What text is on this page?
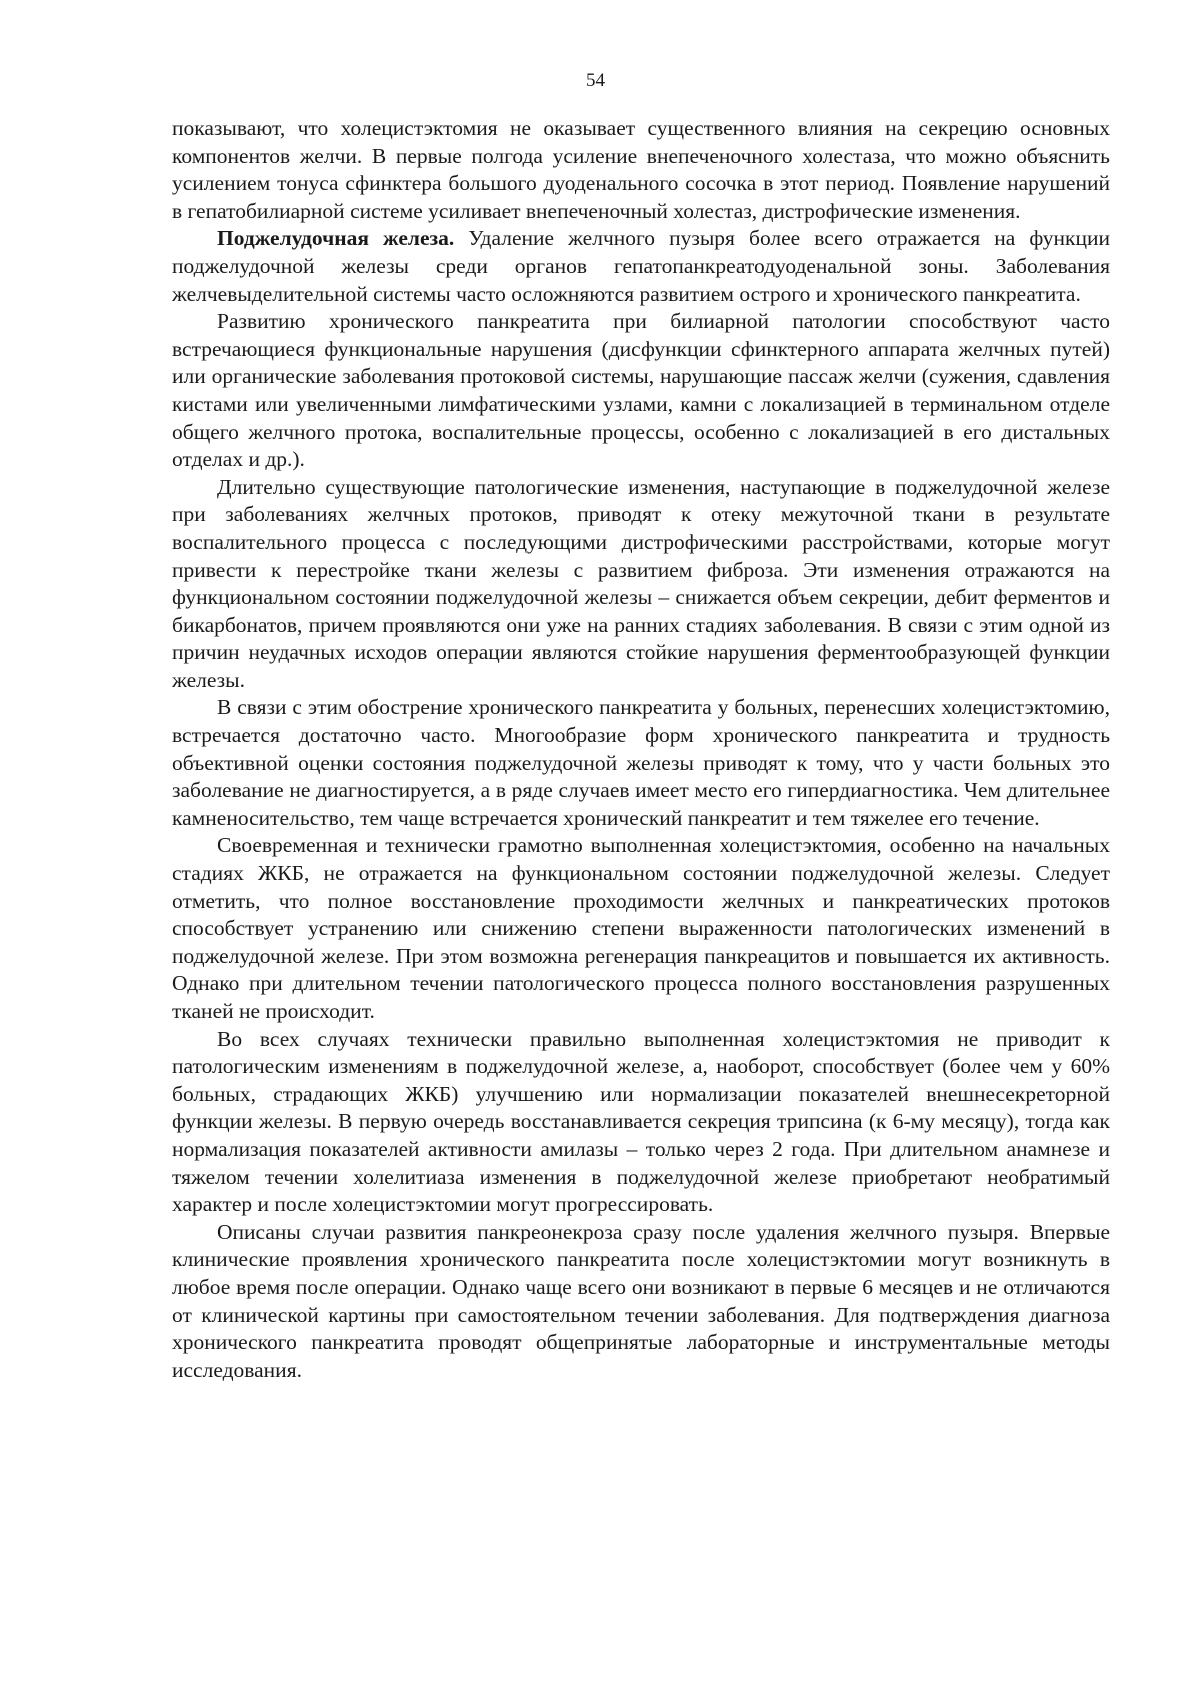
54

показывают, что холецистэктомия не оказывает существенного влияния на секрецию основных компонентов желчи. В первые полгода усиление внепеченочного холестаза, что можно объяснить усилением тонуса сфинктера большого дуоденального сосочка в этот период. Появление нарушений в гепатобилиарной системе усиливает внепеченочный холестаз, дистрофические изменения.

Поджелудочная железа. Удаление желчного пузыря более всего отражается на функции поджелудочной железы среди органов гепатопанкреатодуоденальной зоны. Заболевания желчевыделительной системы часто осложняются развитием острого и хронического панкреатита.

Развитию хронического панкреатита при билиарной патологии способствуют часто встречающиеся функциональные нарушения (дисфункции сфинктерного аппарата желчных путей) или органические заболевания протоковой системы, нарушающие пассаж желчи (сужения, сдавления кистами или увеличенными лимфатическими узлами, камни с локализацией в терминальном отделе общего желчного протока, воспалительные процессы, особенно с локализацией в его дистальных отделах и др.).

Длительно существующие патологические изменения, наступающие в поджелудочной железе при заболеваниях желчных протоков, приводят к отеку межуточной ткани в результате воспалительного процесса с последующими дистрофическими расстройствами, которые могут привести к перестройке ткани железы с развитием фиброза. Эти изменения отражаются на функциональном состоянии поджелудочной железы – снижается объем секреции, дебит ферментов и бикарбонатов, причем проявляются они уже на ранних стадиях заболевания. В связи с этим одной из причин неудачных исходов операции являются стойкие нарушения ферментообразующей функции железы.

В связи с этим обострение хронического панкреатита у больных, перенесших холецистэктомию, встречается достаточно часто. Многообразие форм хронического панкреатита и трудность объективной оценки состояния поджелудочной железы приводят к тому, что у части больных это заболевание не диагностируется, а в ряде случаев имеет место его гипердиагностика. Чем длительнее камненосительство, тем чаще встречается хронический панкреатит и тем тяжелее его течение.

Своевременная и технически грамотно выполненная холецистэктомия, особенно на начальных стадиях ЖКБ, не отражается на функциональном состоянии поджелудочной железы. Следует отметить, что полное восстановление проходимости желчных и панкреатических протоков способствует устранению или снижению степени выраженности патологических изменений в поджелудочной железе. При этом возможна регенерация панкреацитов и повышается их активность. Однако при длительном течении патологического процесса полного восстановления разрушенных тканей не происходит.

Во всех случаях технически правильно выполненная холецистэктомия не приводит к патологическим изменениям в поджелудочной железе, а, наоборот, способствует (более чем у 60% больных, страдающих ЖКБ) улучшению или нормализации показателей внешнесекреторной функции железы. В первую очередь восстанавливается секреция трипсина (к 6-му месяцу), тогда как нормализация показателей активности амилазы – только через 2 года. При длительном анамнезе и тяжелом течении холелитиаза изменения в поджелудочной железе приобретают необратимый характер и после холецистэктомии могут прогрессировать.

Описаны случаи развития панкреонекроза сразу после удаления желчного пузыря. Впервые клинические проявления хронического панкреатита после холецистэктомии могут возникнуть в любое время после операции. Однако чаще всего они возникают в первые 6 месяцев и не отличаются от клинической картины при самостоятельном течении заболевания. Для подтверждения диагноза хронического панкреатита проводят общепринятые лабораторные и инструментальные методы исследования.
